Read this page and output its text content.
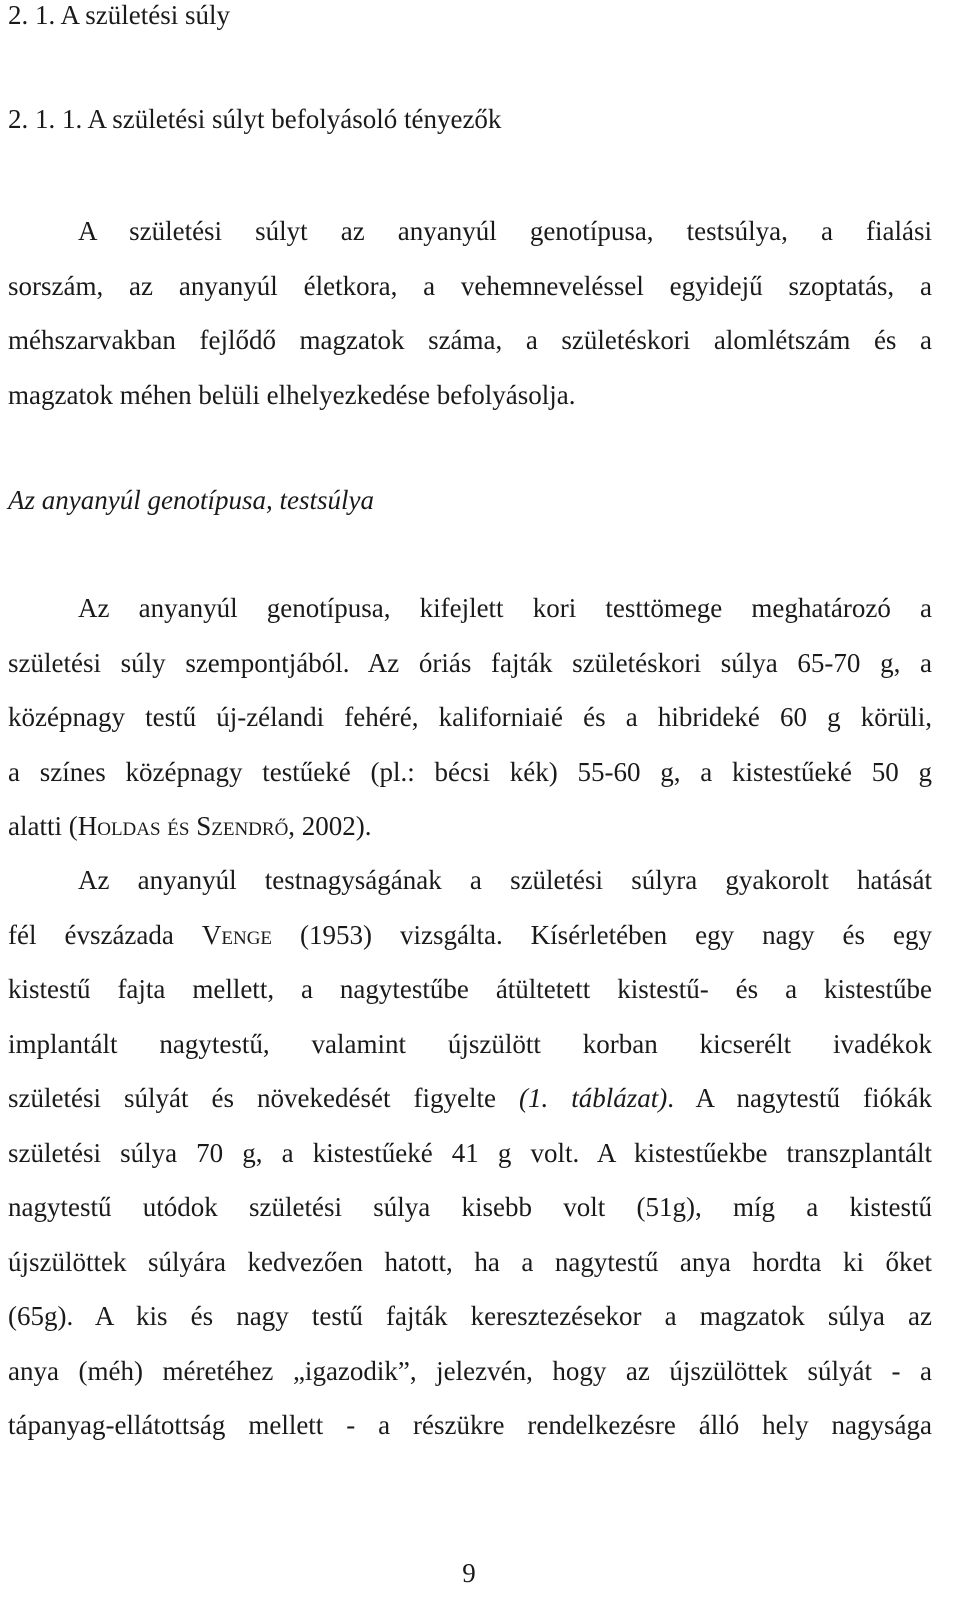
2. 1. A születési súly
2. 1. 1. A születési súlyt befolyásoló tényezők
A születési súlyt az anyanyúl genotípusa, testsúlya, a fialási
sorszám, az anyanyúl életkora, a vehemneveléssel egyidejű szoptatás, a
méhszarvakban fejlődő magzatok száma, a születéskori alomlétszám és a
magzatok méhen belüli elhelyezkedése befolyásolja.
Az anyanyúl genotípusa, testsúlya
Az anyanyúl genotípusa, kifejlett kori testtömege meghatározó a
születési súly szempontjából. Az óriás fajták születéskori súlya 65-70 g, a
középnagy testű új-zélandi fehéré, kaliforniaié és a hibrideké 60 g körüli,
a színes középnagy testűeké (pl.: bécsi kék) 55-60 g, a kistestűeké 50 g
alatti (Holdas és Szendrő, 2002).
Az anyanyúl testnagyságának a születési súlyra gyakorolt hatását
fél évszázada Venge (1953) vizsgálta. Kísérletében egy nagy és egy
kistestű fajta mellett, a nagytestűbe átültetett kistestű- és a kistestűbe
implantált nagytestű, valamint újszülött korban kicserélt ivadékok
születési súlyát és növekedését figyelte (1. táblázat). A nagytestű fiókák
születési súlya 70 g, a kistestűeké 41 g volt. A kistestűekbe transzplantált
nagytestű utódok születési súlya kisebb volt (51g), míg a kistestű
újszülöttek súlyára kedvezően hatott, ha a nagytestű anya hordta ki őket
(65g). A kis és nagy testű fajták keresztezésekor a magzatok súlya az
anya (méh) méretéhez „igazodik”, jelezvén, hogy az újszülöttek súlyát - a
tápanyag-ellátottság mellett - a részükre rendelkezésre álló hely nagysága
9
